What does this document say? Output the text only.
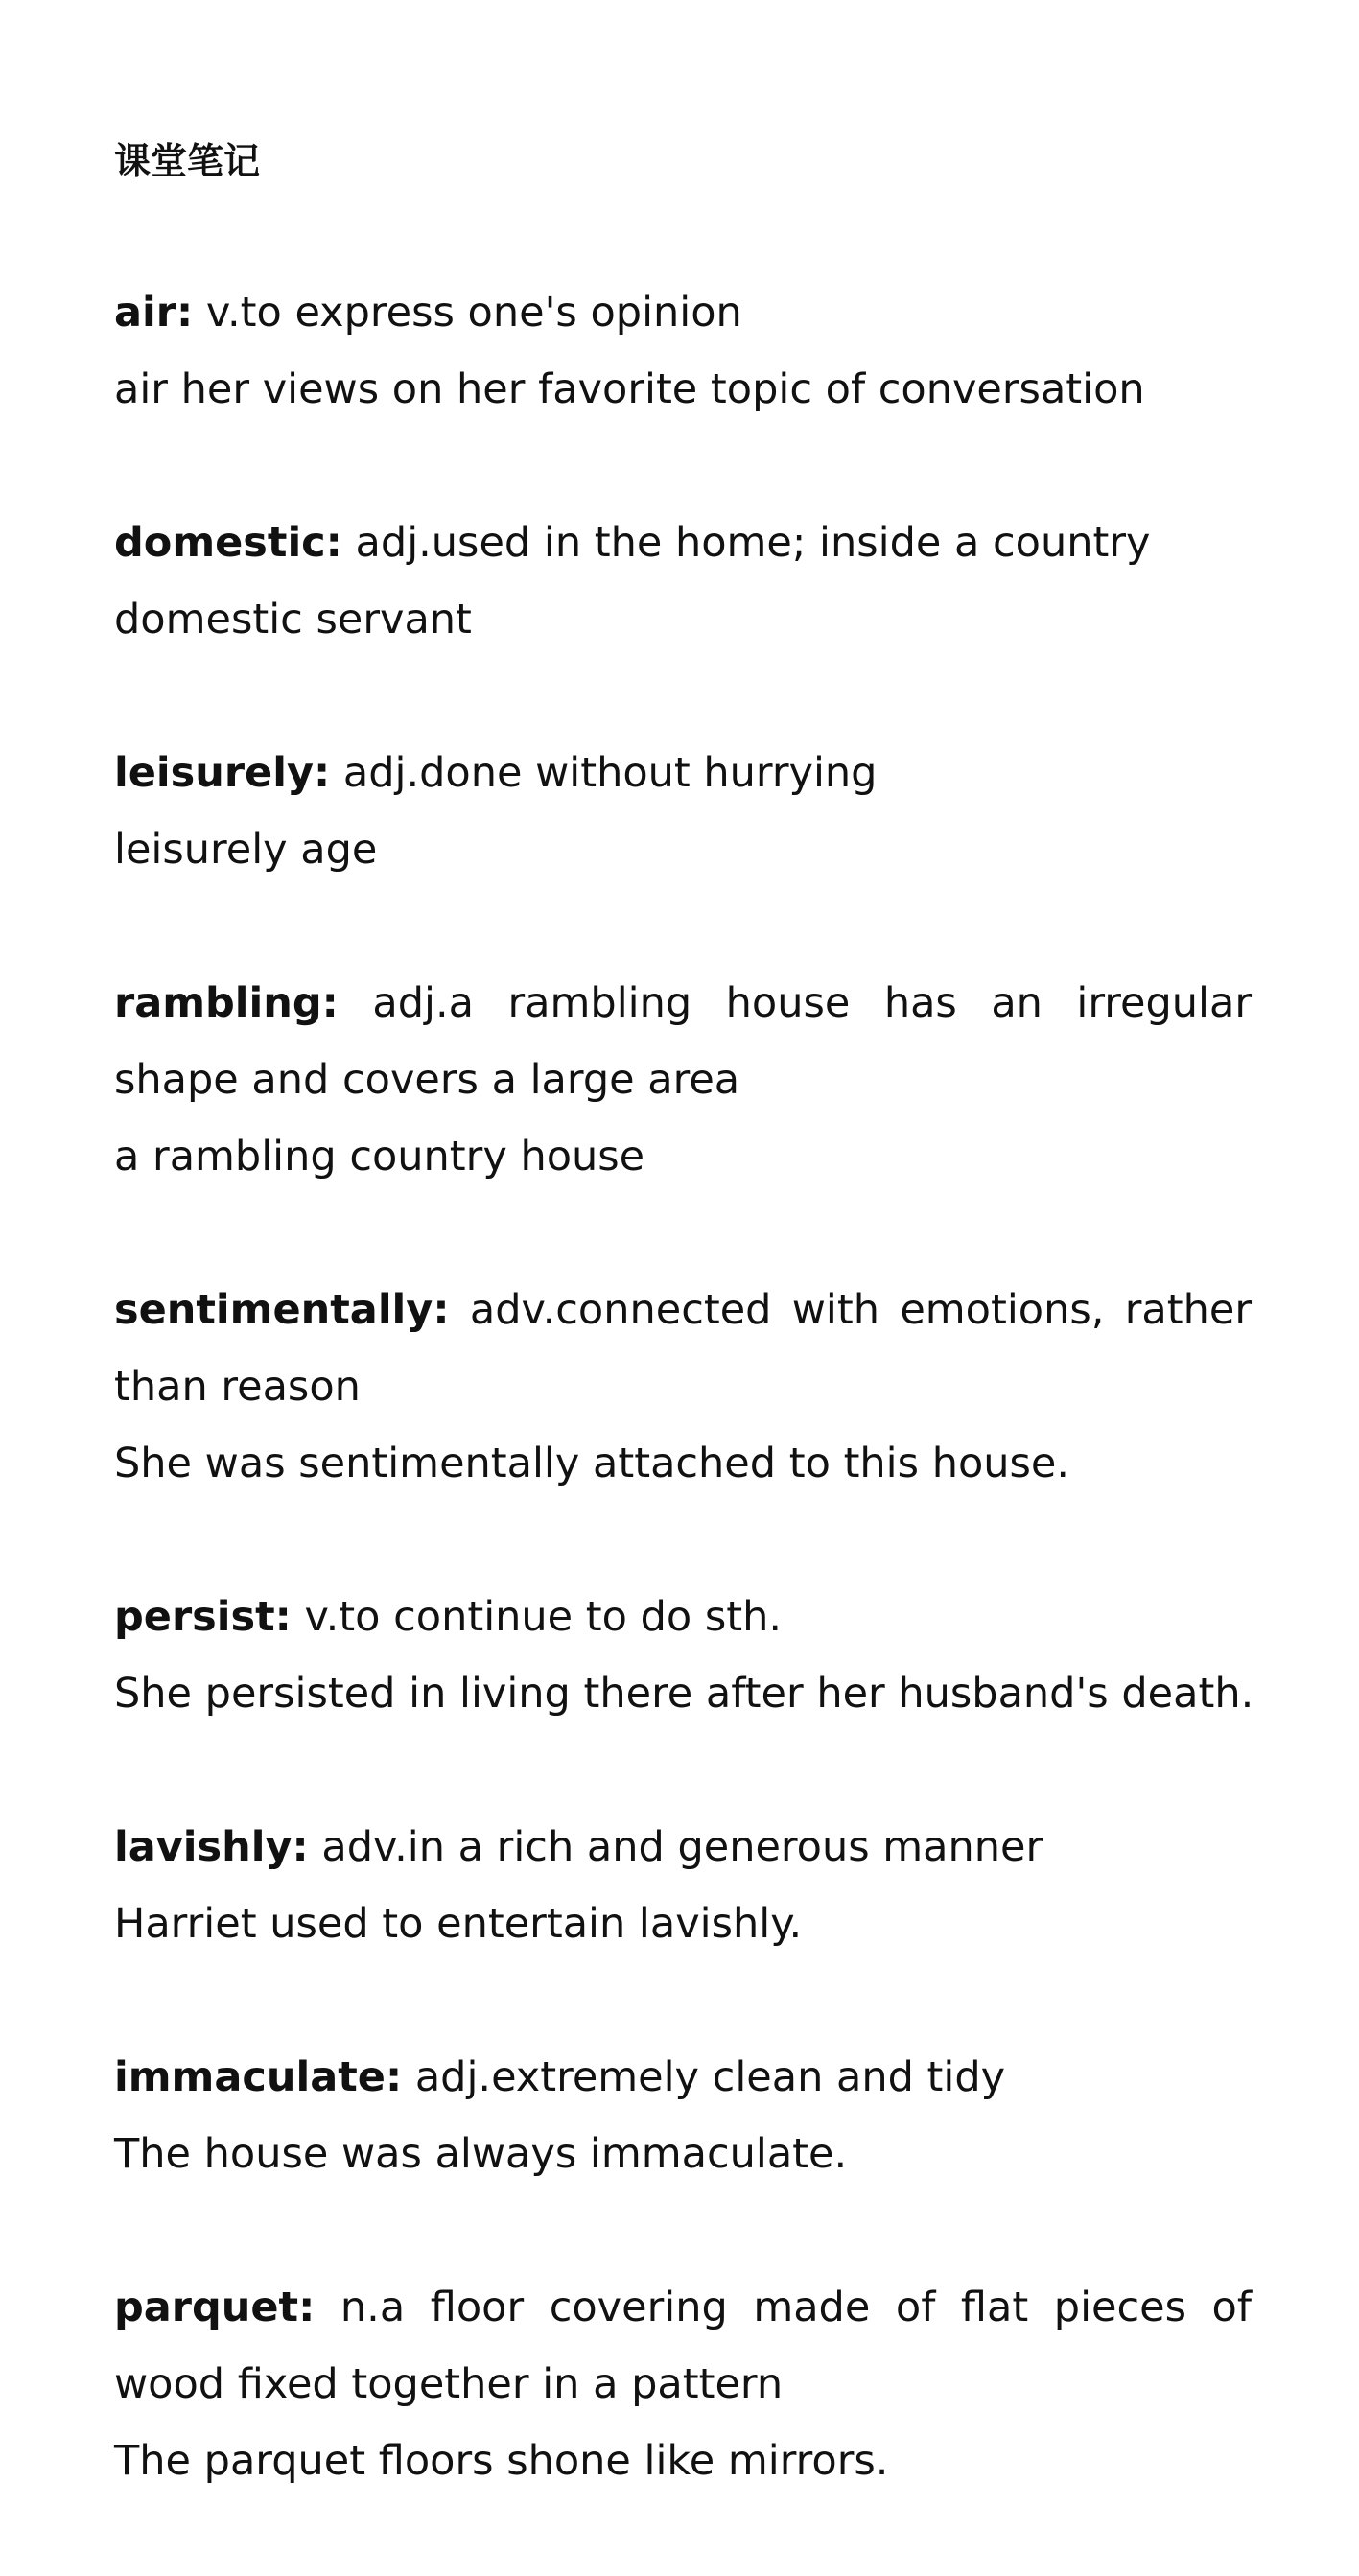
课堂笔记
air: v.to express one's opinion
air her views on her favorite topic of conversation
domestic: adj.used in the home; inside a country
domestic servant
leisurely: adj.done without hurrying
leisurely age
rambling: adj.a rambling house has an irregular shape and covers a large area
a rambling country house
sentimentally: adv.connected with emotions, rather than reason
She was sentimentally attached to this house.
persist: v.to continue to do sth.
She persisted in living there after her husband's death.
lavishly: adv.in a rich and generous manner
Harriet used to entertain lavishly.
immaculate: adj.extremely clean and tidy
The house was always immaculate.
parquet: n.a floor covering made of flat pieces of wood fixed together in a pattern
The parquet floors shone like mirrors.
